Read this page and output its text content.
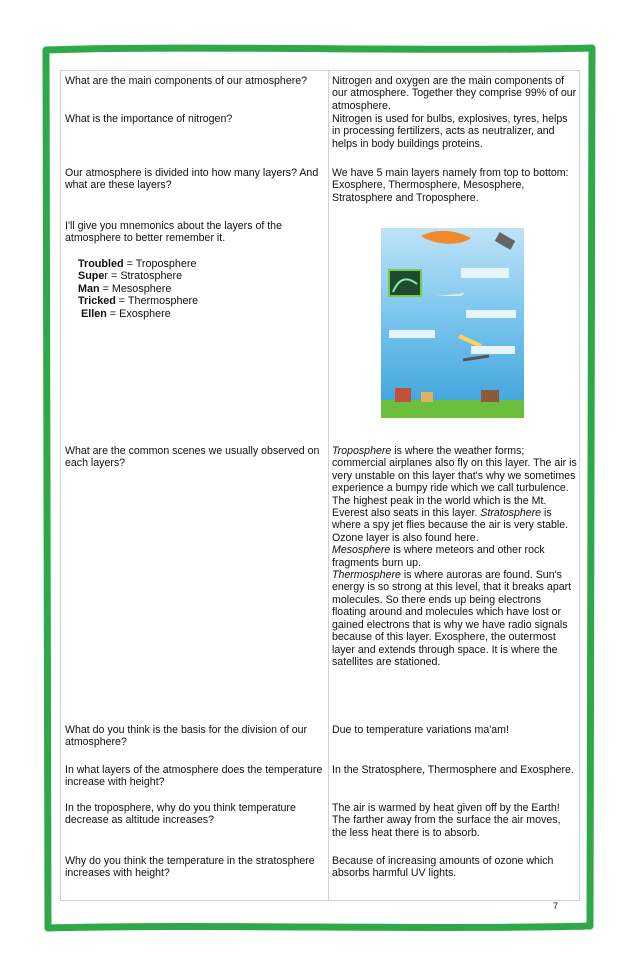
What are the main components of our atmosphere?	Nitrogen and oxygen are the main components of our atmosphere. Together they comprise 99% of our atmosphere.
What is the importance of nitrogen?	Nitrogen is used for bulbs, explosives, tyres, helps in processing fertilizers, acts as neutralizer, and helps in body buildings proteins.
Our atmosphere is divided into how many layers? And what are these layers?
We have 5 main layers namely from top to bottom: Exosphere, Thermosphere, Mesosphere, Stratosphere and Troposphere.
I'll give you mnemonics about the layers of the atmosphere to better remember it.
Troubled = Troposphere
Super = Stratosphere
Man = Mesosphere
Tricked = Thermosphere
Ellen = Exosphere
What are the common scenes we usually observed on each layers?
Troposphere is where the weather forms; commercial airplanes also fly on this layer. The air is very unstable on this layer that's why we sometimes experience a bumpy ride which we call turbulence. The highest peak in the world which is the Mt. Everest also seats in this layer. Stratosphere is where a spy jet flies because the air is very stable. Ozone layer is also found here.
Mesosphere is where meteors and other rock fragments burn up.
Thermosphere is where auroras are found. Sun's energy is so strong at this level, that it breaks apart molecules. So there ends up being electrons floating around and molecules which have lost or gained electrons that is why we have radio signals because of this layer. Exosphere, the outermost layer and extends through space. It is where the satellites are stationed.
What do you think is the basis for the division of our atmosphere?
Due to temperature variations ma'am!
In what layers of the atmosphere does the temperature increase with height?
In the Stratosphere, Thermosphere and Exosphere.
In the troposphere, why do you think temperature decrease as altitude increases?
The air is warmed by heat given off by the Earth! The farther away from the surface the air moves, the less heat there is to absorb.
Why do you think the temperature in the stratosphere increases with height?
Because of increasing amounts of ozone which absorbs harmful UV lights.
7
